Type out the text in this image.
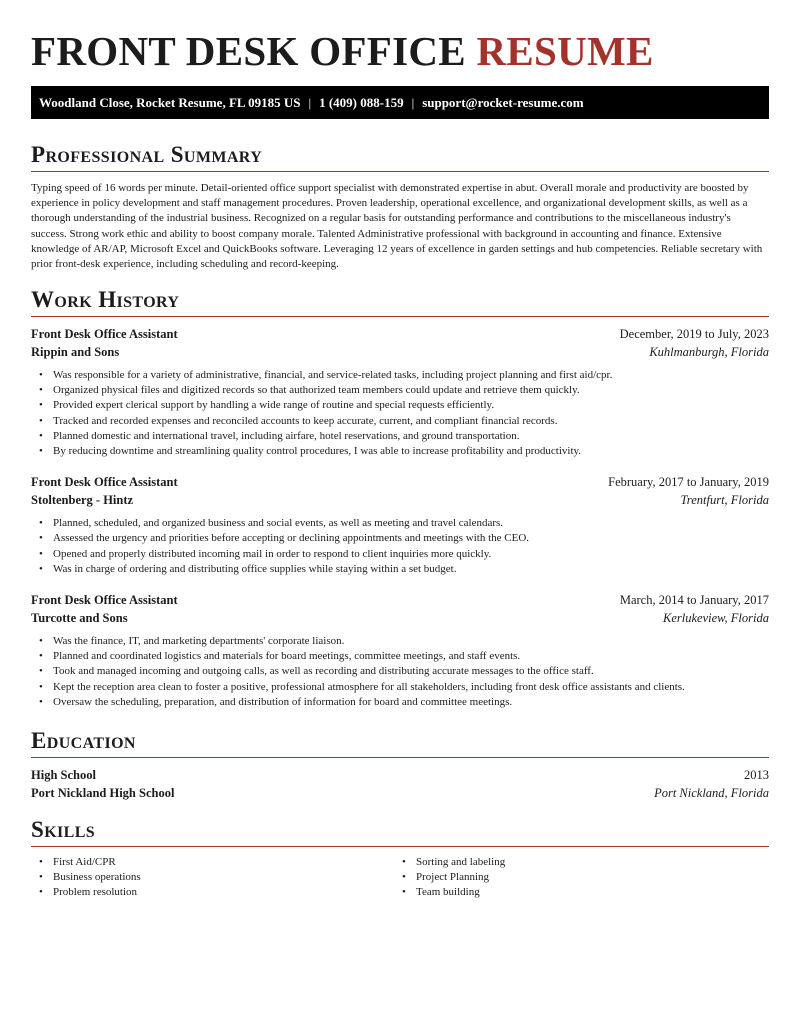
FRONT DESK OFFICE RESUME
Woodland Close, Rocket Resume, FL 09185 US | 1 (409) 088-159 | support@rocket-resume.com
Professional Summary

Typing speed of 16 words per minute. Detail-oriented office support specialist with demonstrated expertise in abut. Overall morale and productivity are boosted by experience in policy development and staff management procedures. Proven leadership, operational excellence, and organizational development skills, as well as a thorough understanding of the industrial business. Recognized on a regular basis for outstanding performance and contributions to the miscellaneous industry's success. Strong work ethic and ability to boost company morale. Talented Administrative professional with background in accounting and finance. Extensive knowledge of AR/AP, Microsoft Excel and QuickBooks software. Leveraging 12 years of excellence in garden settings and hub competencies. Reliable secretary with prior front-desk experience, including scheduling and record-keeping.

Work History
Front Desk Office Assistant	December, 2019 to July, 2023
Rippin and Sons	Kuhlmanburgh, Florida
• Was responsible for a variety of administrative, financial, and service-related tasks, including project planning and first aid/cpr.
• Organized physical files and digitized records so that authorized team members could update and retrieve them quickly.
• Provided expert clerical support by handling a wide range of routine and special requests efficiently.
• Tracked and recorded expenses and reconciled accounts to keep accurate, current, and compliant financial records.
• Planned domestic and international travel, including airfare, hotel reservations, and ground transportation.
• By reducing downtime and streamlining quality control procedures, I was able to increase profitability and productivity.
Front Desk Office Assistant	February, 2017 to January, 2019
Stoltenberg - Hintz	Trentfurt, Florida
• Planned, scheduled, and organized business and social events, as well as meeting and travel calendars.
• Assessed the urgency and priorities before accepting or declining appointments and meetings with the CEO.
• Opened and properly distributed incoming mail in order to respond to client inquiries more quickly.
• Was in charge of ordering and distributing office supplies while staying within a set budget.
Front Desk Office Assistant	March, 2014 to January, 2017
Turcotte and Sons	Kerlukeview, Florida
• Was the finance, IT, and marketing departments' corporate liaison.
• Planned and coordinated logistics and materials for board meetings, committee meetings, and staff events.
• Took and managed incoming and outgoing calls, as well as recording and distributing accurate messages to the office staff.
• Kept the reception area clean to foster a positive, professional atmosphere for all stakeholders, including front desk office assistants and clients.
• Oversaw the scheduling, preparation, and distribution of information for board and committee meetings.
Education
High School	2013
Port Nickland High School	Port Nickland, Florida
Skills
• First Aid/CPR
• Business operations
• Problem resolution
• Sorting and labeling
• Project Planning
• Team building
